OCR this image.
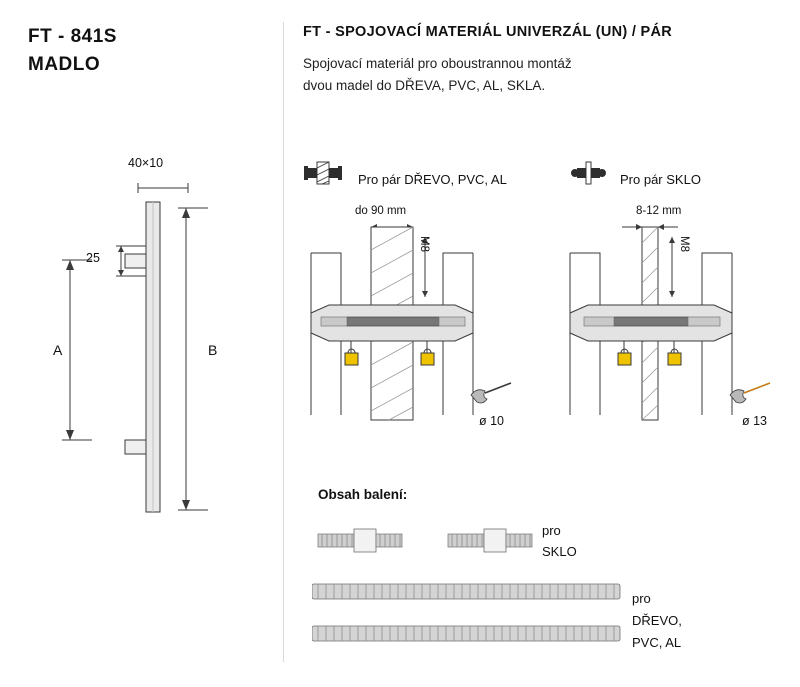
FT - 841S
MADLO
FT - SPOJOVACÍ MATERIÁL UNIVERZÁL (UN) / PÁR
Spojovací materiál pro oboustrannou montáž
dvou madel do DŘEVA, PVC, AL, SKLA.
40×10
25
A	B
Pro pár DŘEVO, PVC, AL
do 90 mm
M8
ø 10
Pro pár SKLO
8-12 mm
M8
ø 13
Obsah balení:
pro
SKLO
pro
DŘEVO,
PVC, AL
